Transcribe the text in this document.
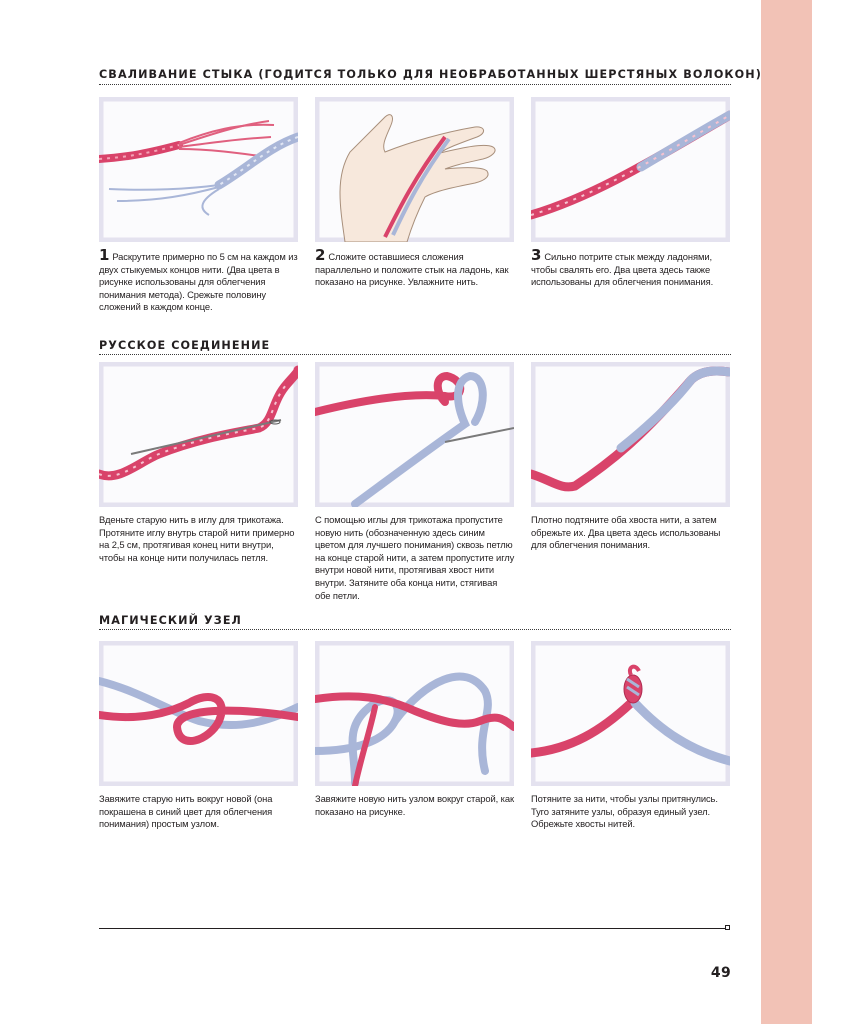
СВАЛИВАНИЕ СТЫКА (ГОДИТСЯ ТОЛЬКО ДЛЯ НЕОБРАБОТАННЫХ ШЕРСТЯНЫХ ВОЛОКОН)
1 Раскрутите примерно по 5 см на каждом из двух стыкуемых концов нити. (Два цвета в рисунке использованы для облегчения понимания метода). Срежьте половину сложений в каждом конце.
2 Сложите оставшиеся сложения параллельно и положите стык на ладонь, как показано на рисунке. Увлажните нить.
3 Сильно потрите стык между ладонями, чтобы свалять его. Два цвета здесь также использованы для облегчения понимания.
РУССКОЕ СОЕДИНЕНИЕ
Вденьте старую нить в иглу для трикотажа. Протяните иглу внутрь старой нити примерно на 2,5 см, протягивая конец нити внутри, чтобы на конце нити получилась петля.
С помощью иглы для трикотажа пропустите новую нить (обозначенную здесь синим цветом для лучшего понимания) сквозь петлю на конце старой нити, а затем пропустите иглу внутри новой нити, протягивая хвост нити внутри. Затяните оба конца нити, стягивая обе петли.
Плотно подтяните оба хвоста нити, а затем обрежьте их. Два цвета здесь использованы для облегчения понимания.
МАГИЧЕСКИЙ УЗЕЛ
Завяжите старую нить вокруг новой (она покрашена в синий цвет для облегчения понимания) простым узлом.
Завяжите новую нить узлом вокруг старой, как показано на рисунке.
Потяните за нити, чтобы узлы притянулись. Туго затяните узлы, образуя единый узел. Обрежьте хвосты нитей.
49
